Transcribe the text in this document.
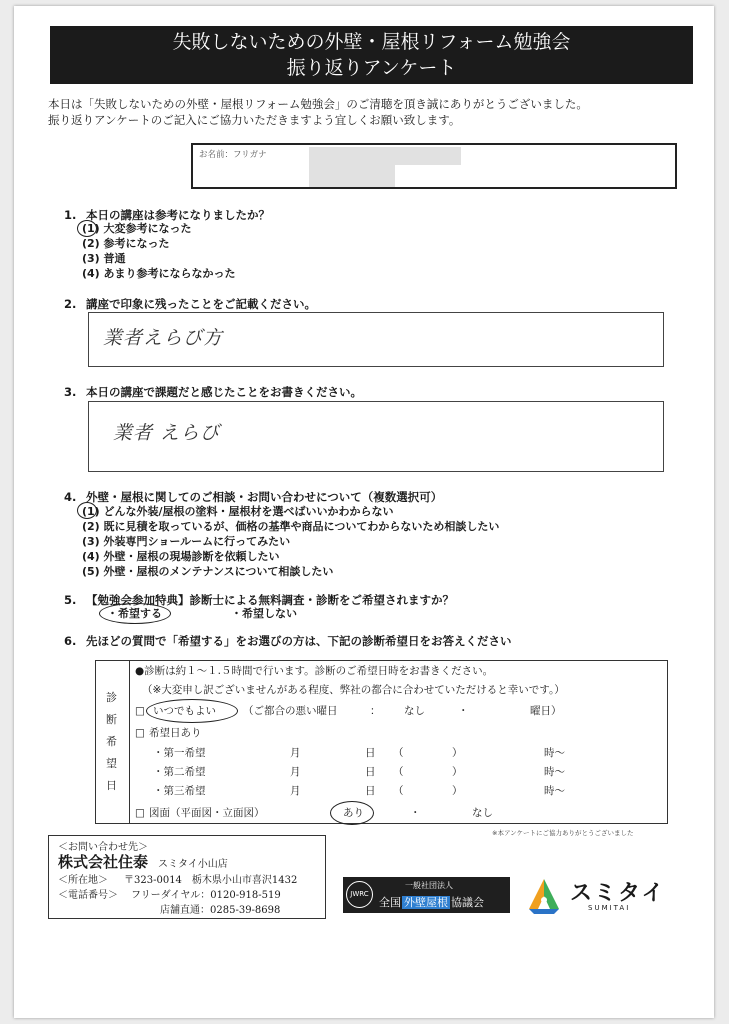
失敗しないための外壁・屋根リフォーム勉強会
振り返りアンケート
本日は「失敗しないための外壁・屋根リフォーム勉強会」のご清聴を頂き誠にありがとうございました。
振り返りアンケートのご記入にご協力いただきますよう宜しくお願い致します。
お名前：フリガナ
1. 本日の講座は参考になりましたか？
(1) 大変参考になった
(2) 参考になった
(3) 普通
(4) あまり参考にならなかった
2. 講座で印象に残ったことをご記載ください。
業者えらび方
3. 本日の講座で課題だと感じたことをお書きください。
業者 えらび
4. 外壁・屋根に関してのご相談・お問い合わせについて（複数選択可）
(1) どんな外装/屋根の塗料・屋根材を選べばいいかわからない
(2) 既に見積を取っているが、価格の基準や商品についてわからないため相談したい
(3) 外装専門ショールームに行ってみたい
(4) 外壁・屋根の現場診断を依頼したい
(5) 外壁・屋根のメンテナンスについて相談したい
5. 【勉強会参加特典】診断士による無料調査・診断をご希望されますか？
・希望する	・希望しない
6. 先ほどの質問で「希望する」をお選びの方は、下記の診断希望日をお答えください
診
断
希
望
日
●診断は約１～１.５時間で行います。診断のご希望日時をお書きください。
（※大変申し訳ございませんがある程度、弊社の都合に合わせていただけると幸いです。）
□ いつでもよい	（ご都合の悪い曜日	： なし	・	曜日）
□ 希望日あり
・第一希望	月	日 （	）	時～
・第二希望	月	日 （	）	時～
・第三希望	月	日 （	）	時～
□ 図面（平面図・立面図）	あり	・	なし
※本アンケートにご協力ありがとうございました
＜お問い合わせ先＞
株式会社住泰 スミタイ小山店
＜所在地＞ 〒323-0014　栃木県小山市喜沢1432
＜電話番号＞ フリーダイヤル：0120-918-519
店舗直通：0285-39-8698
JWRC
一般社団法人
全国 外壁屋根 協議会	スミタイ
SUMITAI
